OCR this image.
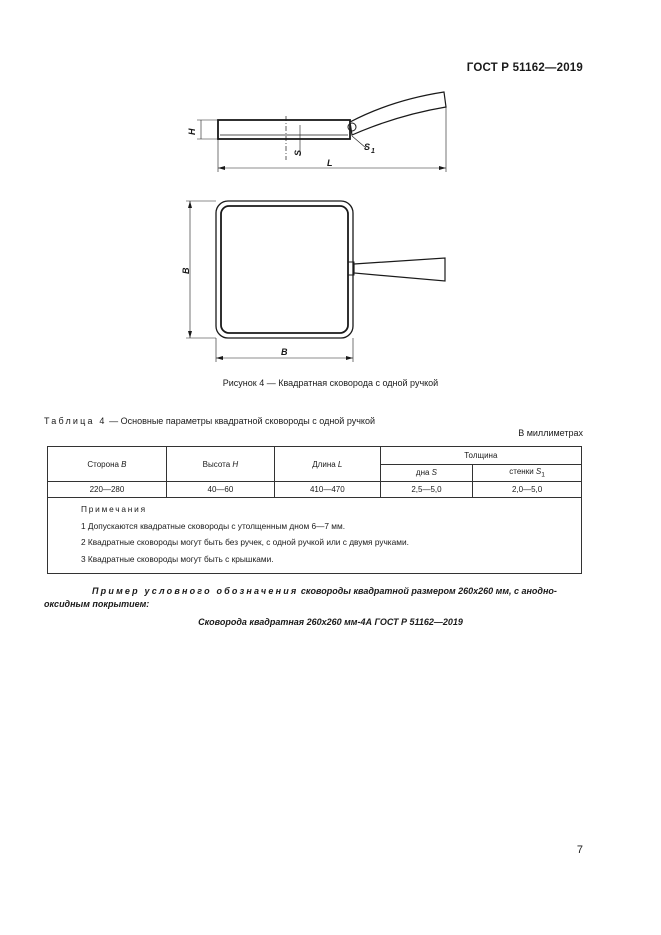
ГОСТ Р 51162—2019
H
S
S 1
L
B
B
Рисунок 4 — Квадратная сковорода с одной ручкой
Таблица 4 — Основные параметры квадратной сковороды с одной ручкой
В миллиметрах
Сторона B	Высота H	Длина L	Толщина	
			дна S	стенки $S_1$
220—280	40—60	410—470	2,5—5,0	2,0—5,0

Примечания
1 Допускаются квадратные сковороды с утолщенным дном 6—7 мм.
2 Квадратные сковороды могут быть без ручек, с одной ручкой или с двумя ручками.
3 Квадратные сковороды могут быть с крышками.				
Пример условного обозначения сковороды квадратной размером 260x260 мм, с анодно-оксидным покрытием:
Сковорода квадратная 260x260 мм-4А ГОСТ Р 51162—2019
7
